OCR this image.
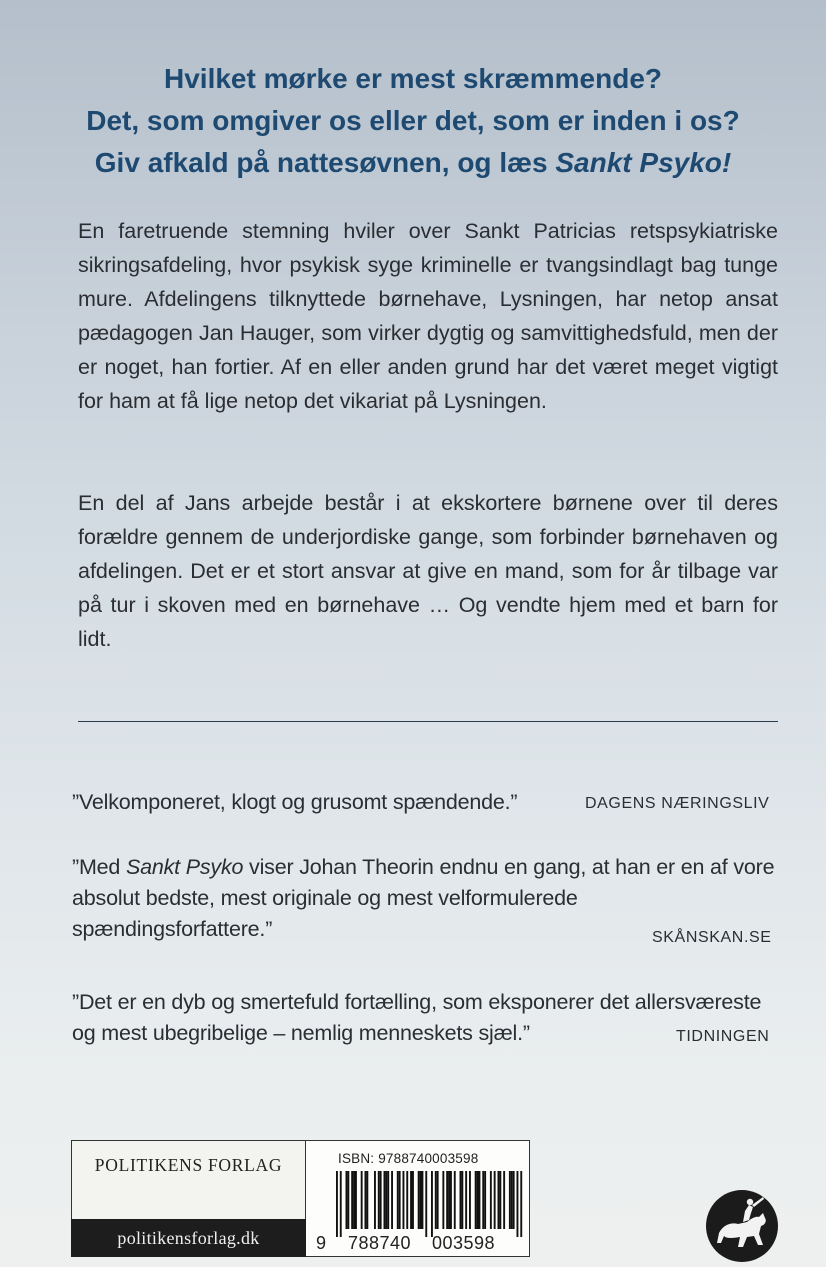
Hvilket mørke er mest skræmmende?
Det, som omgiver os eller det, som er inden i os?
Giv afkald på nattesøvnen, og læs Sankt Psyko!

En faretruende stemning hviler over Sankt Patricias retspsykiatriske sikringsafdeling, hvor psykisk syge kriminelle er tvangsindlagt bag tunge mure. Afdelingens tilknyttede børnehave, Lysningen, har netop ansat pædagogen Jan Hauger, som virker dygtig og samvittighedsfuld, men der er noget, han fortier. Af en eller anden grund har det været meget vigtigt for ham at få lige netop det vikariat på Lysningen.

En del af Jans arbejde består i at ekskortere børnene over til deres forældre gennem de underjordiske gange, som forbinder børnehaven og afdelingen. Det er et stort ansvar at give en mand, som for år tilbage var på tur i skoven med en børnehave … Og vendte hjem med et barn for lidt.

”Velkomponeret, klogt og grusomt spændende.”	DAGENS NÆRINGSLIV

”Med Sankt Psyko viser Johan Theorin endnu en gang, at han er en af vore absolut bedste, mest originale og mest velformulerede spændingsforfattere.”	SKÅNSKAN.SE

”Det er en dyb og smertefuld fortælling, som eksponerer det allersværeste og mest ubegribelige – nemlig menneskets sjæl.”	TIDNINGEN
POLITIKENS FORLAG
politikensforlag.dk
ISBN: 9788740003598
9 788740 003598
